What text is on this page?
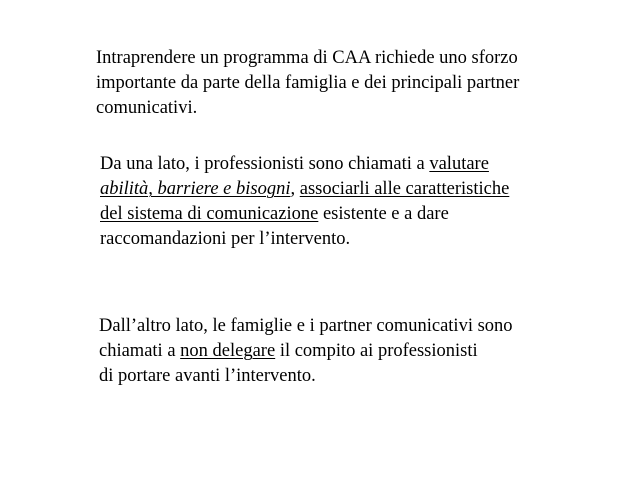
Intraprendere un programma di CAA richiede uno sforzo
importante da parte della famiglia e dei principali partner
comunicativi.

Da una lato, i professionisti sono chiamati a valutare
abilità, barriere e bisogni, associarli alle caratteristiche
del sistema di comunicazione esistente e a dare
raccomandazioni per l’intervento.

Dall’altro lato, le famiglie e i partner comunicativi sono
chiamati a non delegare il compito ai professionisti
di portare avanti l’intervento.
